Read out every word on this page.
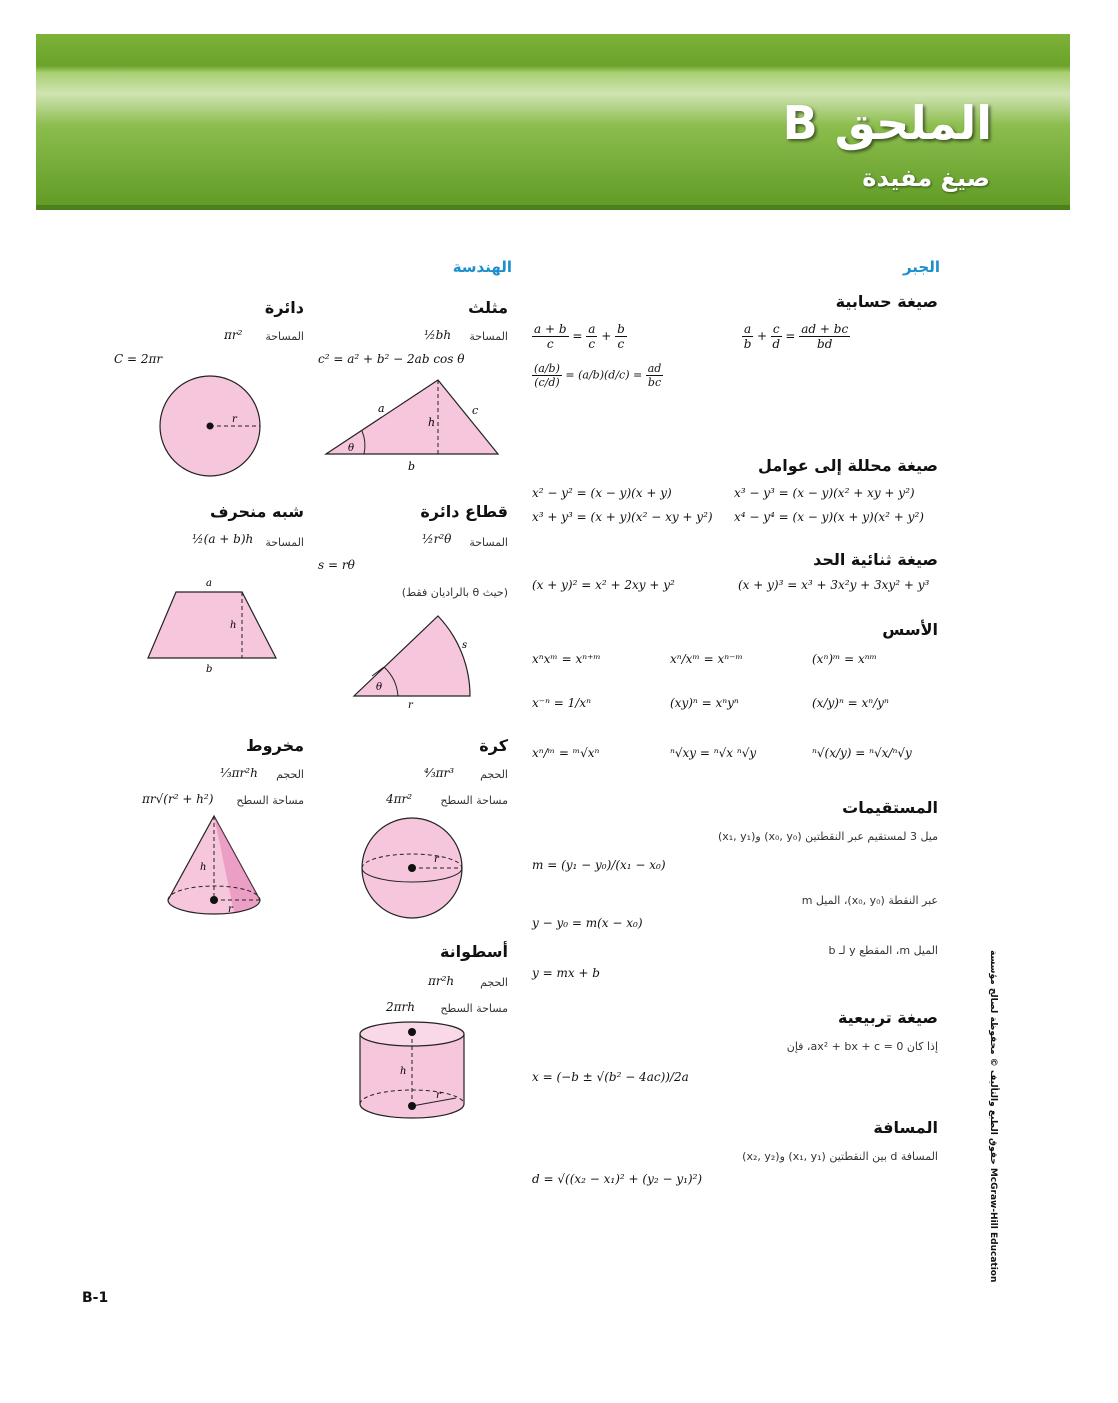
الملحق B
صيغ مفيدة
الجبر
الهندسة
صيغة حسابية
$\frac{a}{b} + \frac{c}{d} = \frac{ad + bc}{bd}$
$\frac{a + b}{c} = \frac{a}{c} + \frac{b}{c}$
$\frac{(a/b)}{(c/d)} = (a/b)(d/c) = \frac{ad}{bc}$
صيغة محللة إلى عوامل
x³ − y³ = (x − y)(x² + xy + y²)
x² − y² = (x − y)(x + y)
x⁴ − y⁴ = (x − y)(x + y)(x² + y²)
x³ + y³ = (x + y)(x² − xy + y²)
صيغة ثنائية الحد
(x + y)³ = x³ + 3x²y + 3xy² + y³
(x + y)² = x² + 2xy + y²
الأسس
(xⁿ)ᵐ = xⁿᵐ
xⁿ/xᵐ = xⁿ⁻ᵐ
xⁿxᵐ = xⁿ⁺ᵐ
(x/y)ⁿ = xⁿ/yⁿ
(xy)ⁿ = xⁿyⁿ
x⁻ⁿ = 1/xⁿ
ⁿ√(x/y) = ⁿ√x/ⁿ√y
ⁿ√xy = ⁿ√x ⁿ√y
xⁿ/ᵐ = ᵐ√xⁿ
المستقيمات
ميل 3 لمستقيم عبر النقطتين (x₀, y₀) و(x₁, y₁)
m = (y₁ − y₀)/(x₁ − x₀)
عبر النقطة (x₀, y₀)، الميل m
y − y₀ = m(x − x₀)
الميل m، المقطع y لـ b
y = mx + b
صيغة تربيعية
إذا كان ax² + bx + c = 0، فإن
x = (−b ± √(b² − 4ac))/2a
المسافة
المسافة d بين النقطتين (x₁, y₁) و(x₂, y₂)
d = √((x₂ − x₁)² + (y₂ − y₁)²)
مثلث
المساحة
½bh
c² = a² + b² − 2ab cos θ
a	c
h
θ
b
دائرة
المساحة
πr²
C = 2πr
r
قطاع دائرة
المساحة
½r²θ
s = rθ
(حيث θ بالراديان فقط)
s
θ
r
شبه منحرف
المساحة
½(a + b)h
a
h
b
كرة
الحجم
⁴⁄₃πr³
مساحة السطح
4πr²
r
مخروط
الحجم
⅓πr²h
مساحة السطح
πr√(r² + h²)
h
r
أسطوانة
الحجم
πr²h
مساحة السطح
2πrh
h
r	حقوق الطبع والتأليف © محفوظة لصالح مؤسسة McGraw-Hill Education
B-1
